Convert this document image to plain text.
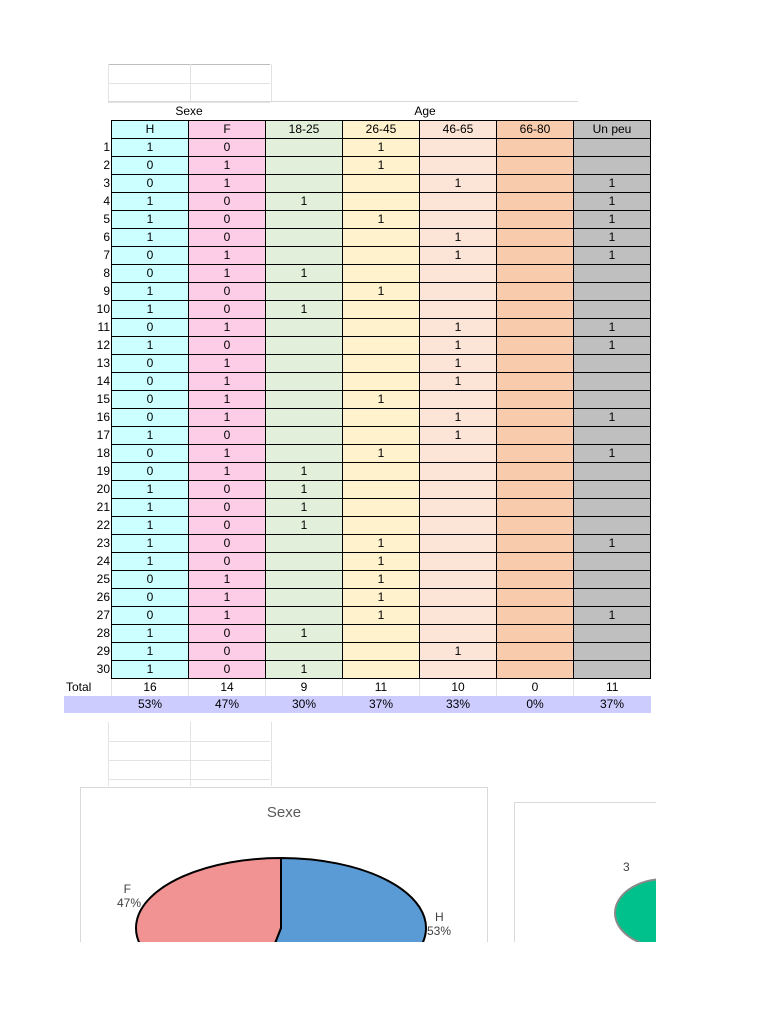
Sexe	Age
	H	F	18-25	26-45	46-65	66-80	Un peu
1	1	0		1			
2	0	1		1			
3	0	1			1		1
4	1	0	1				1
5	1	0		1			1
6	1	0			1		1
7	0	1			1		1
8	0	1	1				
9	1	0		1			
10	1	0	1				
11	0	1			1		1
12	1	0			1		1
13	0	1			1		
14	0	1			1		
15	0	1		1			
16	0	1			1		1
17	1	0			1		
18	0	1		1			1
19	0	1	1				
20	1	0	1				
21	1	0	1				
22	1	0	1				
23	1	0		1			1
24	1	0		1			
25	0	1		1			
26	0	1		1			
27	0	1		1			1
28	1	0	1				
29	1	0			1		
30	1	0	1				
Total	16	14	9	11	10	0	11
	53%	47%	30%	37%	33%	0%	37%
Sexe
H
53%
F
47%
3
